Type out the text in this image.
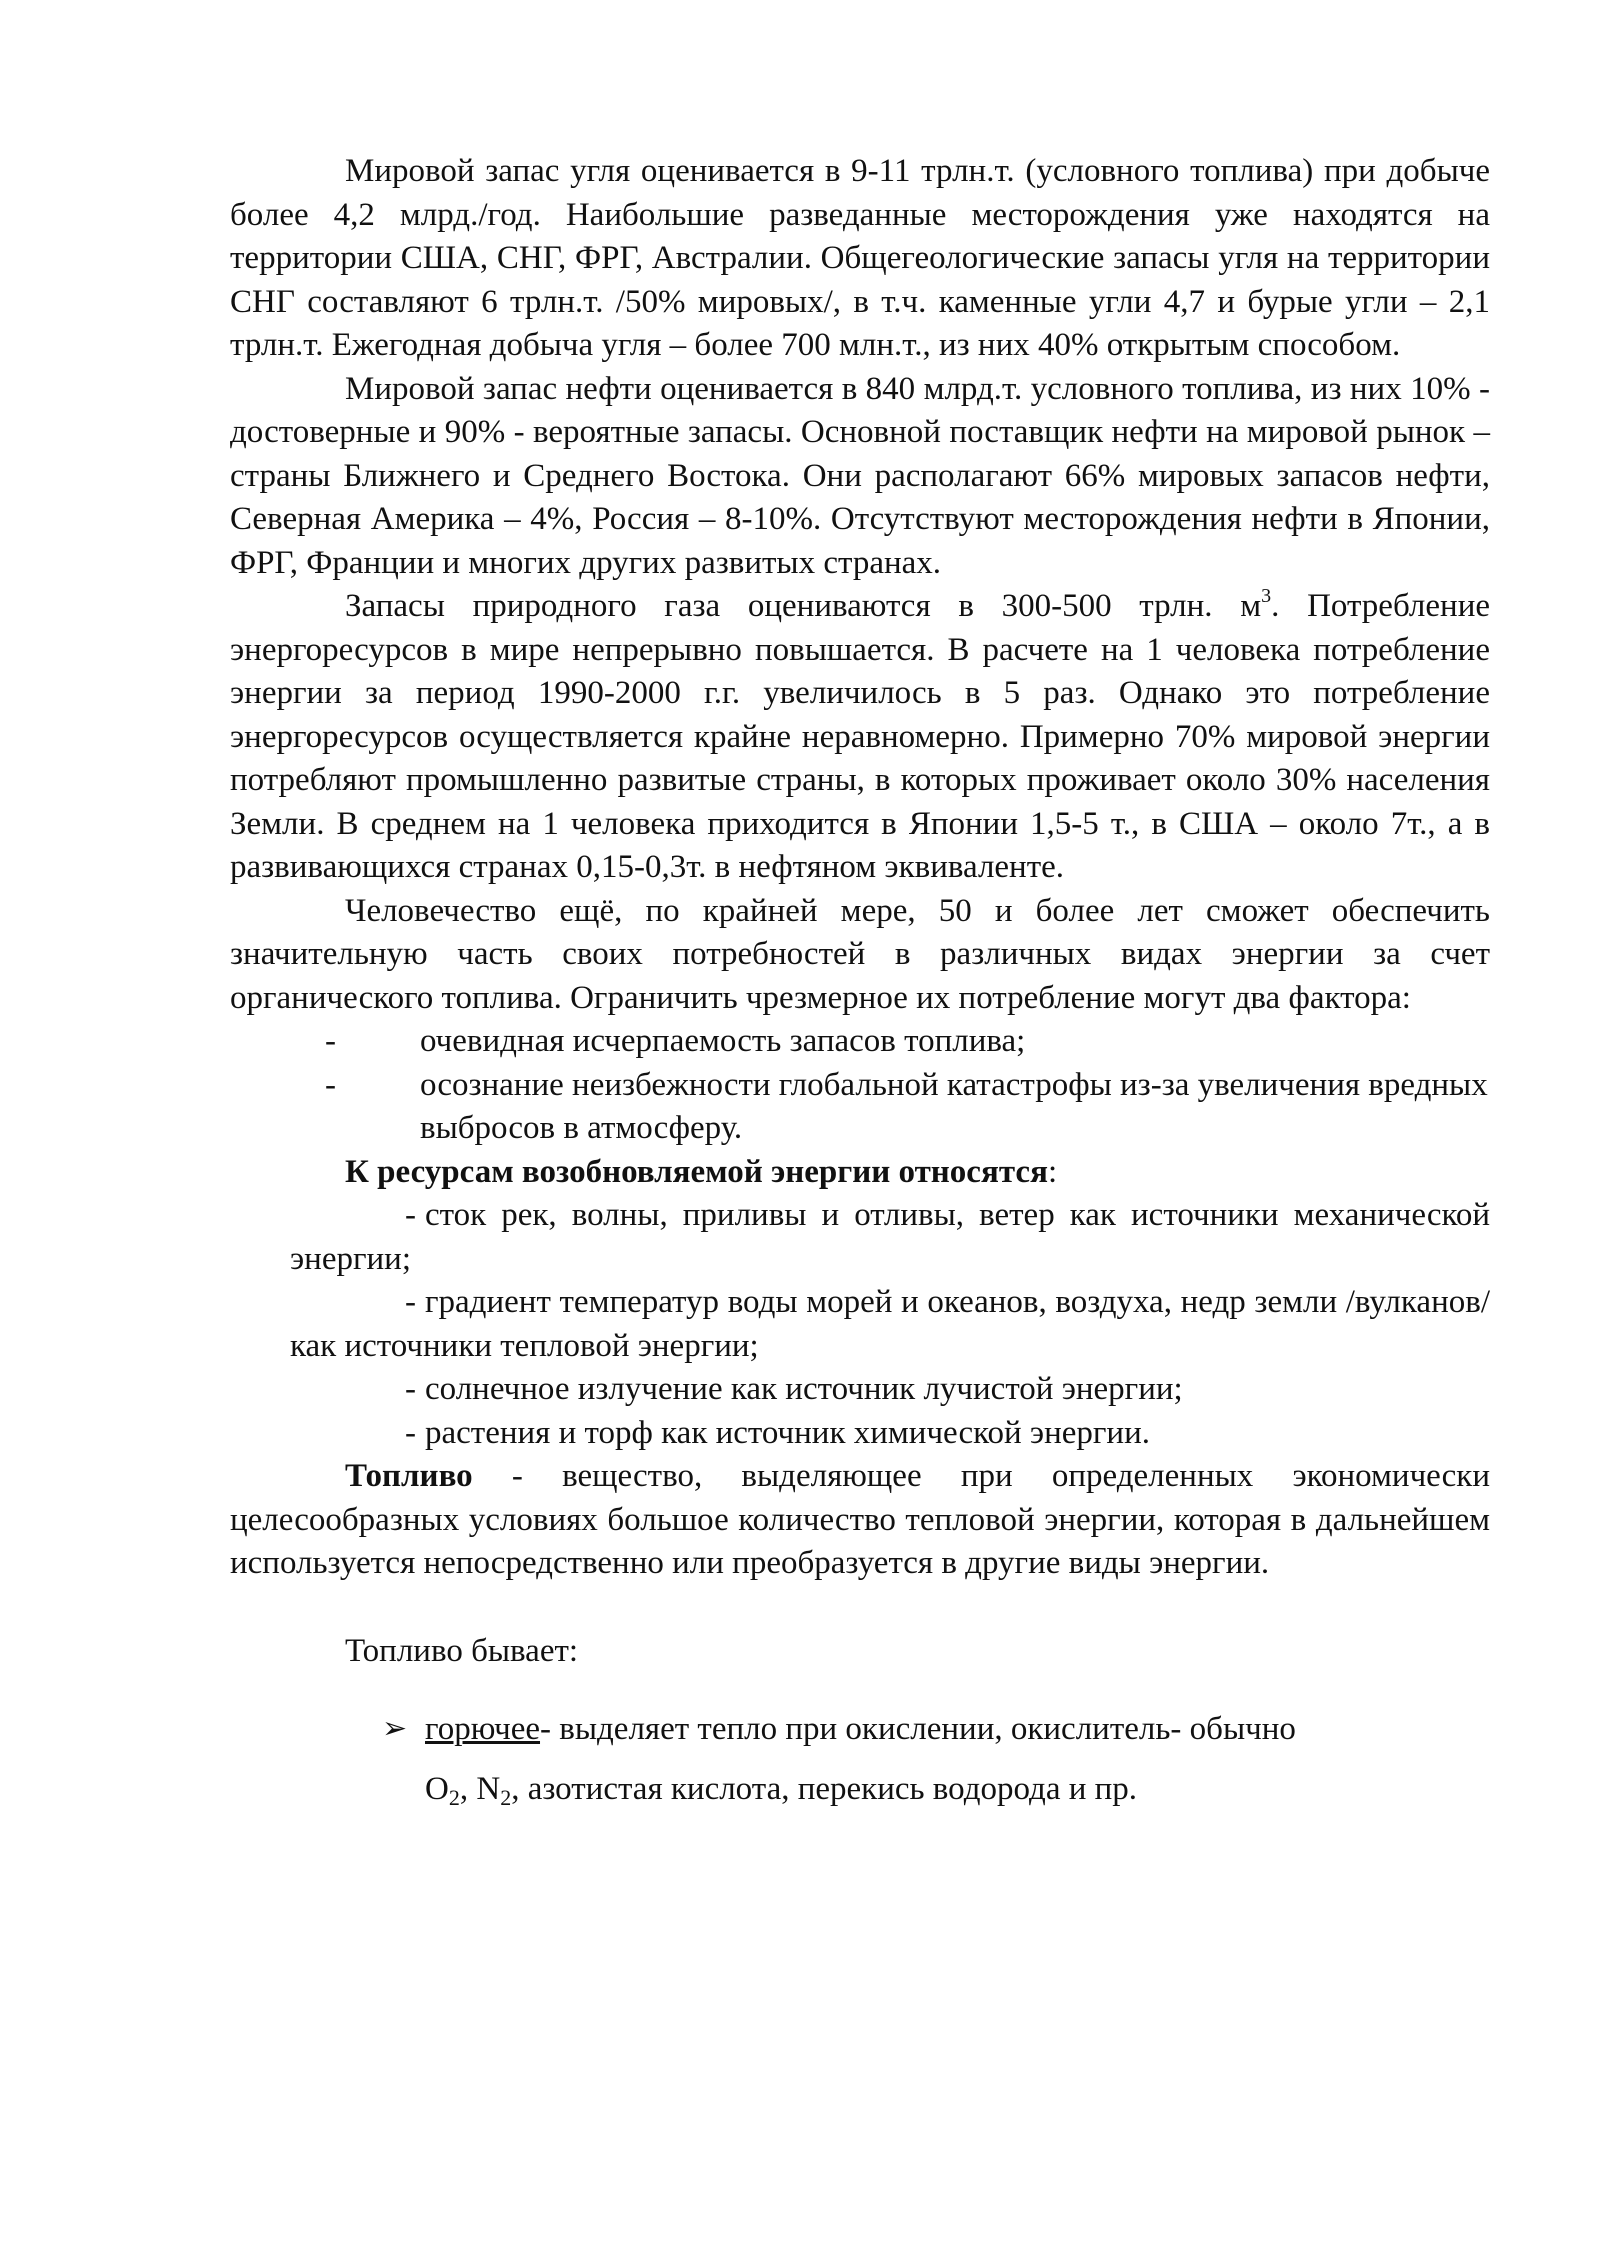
Мировой запас угля оценивается в 9-11 трлн.т. (условного топлива) при добыче более 4,2 млрд./год. Наибольшие разведанные месторождения уже находятся на территории США, СНГ, ФРГ, Австралии. Общегеологические запасы угля на территории СНГ составляют 6 трлн.т. /50% мировых/, в т.ч. каменные угли 4,7 и бурые угли – 2,1 трлн.т. Ежегодная добыча угля – более 700 млн.т., из них 40% открытым способом.

Мировой запас нефти оценивается в 840 млрд.т. условного топлива, из них 10% - достоверные и 90% - вероятные запасы. Основной поставщик нефти на мировой рынок – страны Ближнего и Среднего Востока. Они располагают 66% мировых запасов нефти, Северная Америка – 4%, Россия – 8-10%. Отсутствуют месторождения нефти в Японии, ФРГ, Франции и многих других развитых странах.

Запасы природного газа оцениваются в 300-500 трлн. $м^3$. Потребление энергоресурсов в мире непрерывно повышается. В расчете на 1 человека потребление энергии за период 1990-2000 г.г. увеличилось в 5 раз. Однако это потребление энергоресурсов осуществляется крайне неравномерно. Примерно 70% мировой энергии потребляют промышленно развитые страны, в которых проживает около 30% населения Земли. В среднем на 1 человека приходится в Японии 1,5-5 т., в США – около 7т., а в развивающихся странах 0,15-0,3т. в нефтяном эквиваленте.

Человечество ещё, по крайней мере, 50 и более лет сможет обеспечить значительную часть своих потребностей в различных видах энергии за счет органического топлива. Ограничить чрезмерное их потребление могут два фактора:

-	очевидная исчерпаемость запасов топлива;

-	осознание неизбежности глобальной катастрофы из-за увеличения вредных выбросов в атмосферу.

К ресурсам возобновляемой энергии относятся:

- сток рек, волны, приливы и отливы, ветер как источники механической энергии;

- градиент температур воды морей и океанов, воздуха, недр земли /вулканов/ как источники тепловой энергии;

- солнечное излучение как источник лучистой энергии;

- растения и торф как источник химической энергии.

Топливо - вещество, выделяющее при определенных экономически целесообразных условиях большое количество тепловой энергии, которая в дальнейшем используется непосредственно или преобразуется в другие виды энергии.

Топливо бывает:

➢ горючее- выделяет тепло при окислении, окислитель- обычно
$O_2$, $N_2$, азотистая кислота, перекись водорода и пр.
